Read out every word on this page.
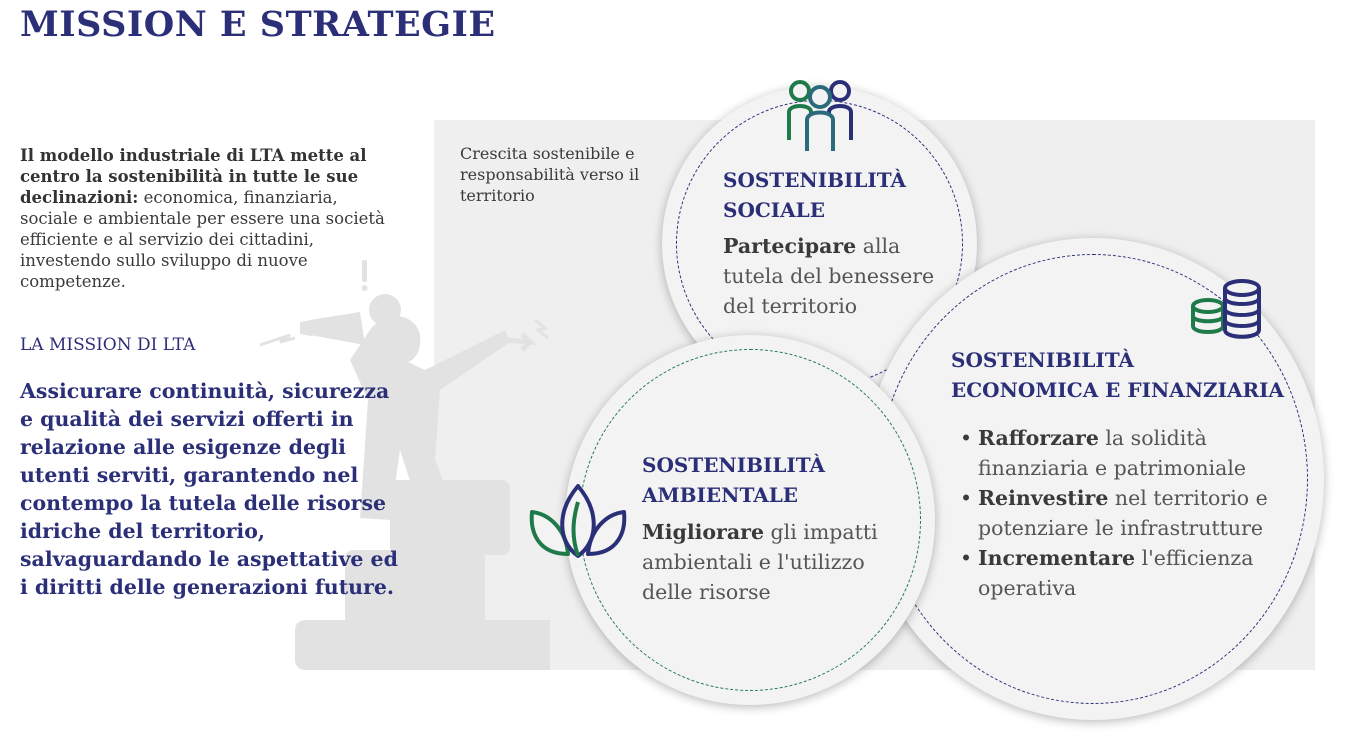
MISSION E STRATEGIE
Il modello industriale di LTA mette al centro la sostenibilità in tutte le sue declinazioni: economica, finanziaria, sociale e ambientale per essere una società efficiente e al servizio dei cittadini, investendo sullo sviluppo di nuove competenze.
Crescita sostenibile e responsabilità verso il territorio
LA MISSION DI LTA
Assicurare continuità, sicurezza e qualità dei servizi offerti in relazione alle esigenze degli utenti serviti, garantendo nel contempo la tutela delle risorse idriche del territorio, salvaguardando le aspettative ed i diritti delle generazioni future.
SOSTENIBILITÀ
SOCIALE
Partecipare alla tutela del benessere del territorio
SOSTENIBILITÀ
ECONOMICA E FINANZIARIA
• Rafforzare la solidità finanziaria e patrimoniale
• Reinvestire nel territorio e potenziare le infrastrutture
• Incrementare l'efficienza operativa
SOSTENIBILITÀ
AMBIENTALE
Migliorare gli impatti ambientali e l'utilizzo delle risorse
